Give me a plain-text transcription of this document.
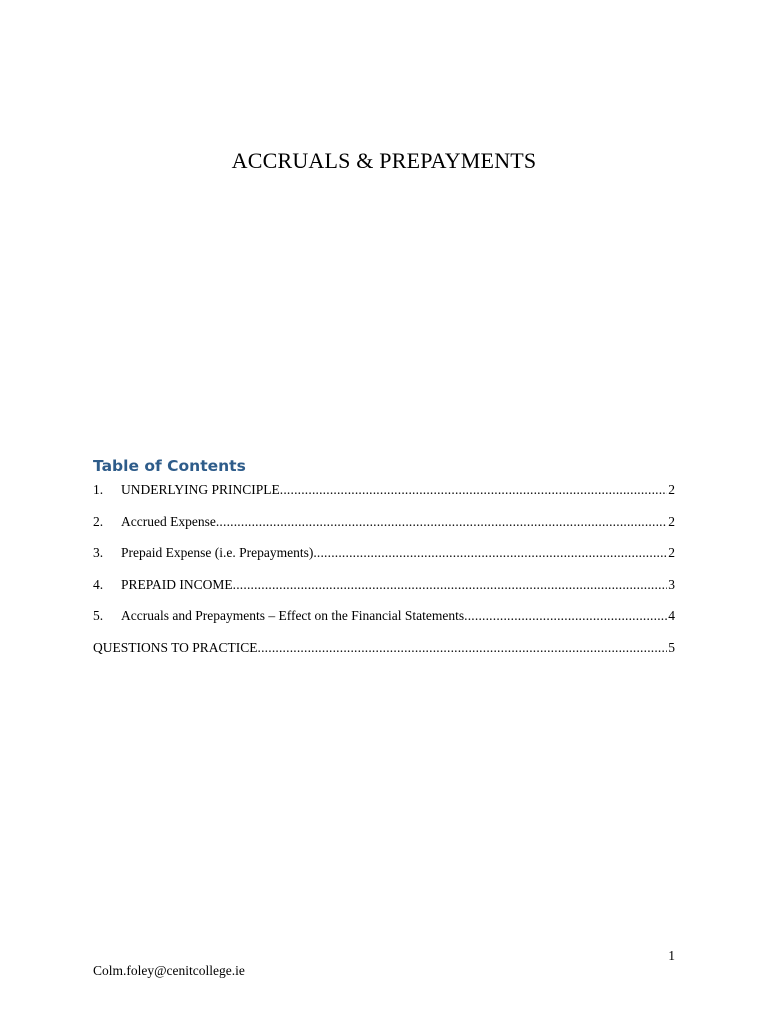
ACCRUALS & PREPAYMENTS
Table of Contents
1.	UNDERLYING PRINCIPLE .....	2
2.	Accrued Expense .....	2
3.	Prepaid Expense (i.e. Prepayments) .....	2
4.	PREPAID INCOME .....	3
5.	Accruals and Prepayments – Effect on the Financial Statements .....	4
QUESTIONS TO PRACTICE .....	5
1
Colm.foley@cenitcollege.ie
